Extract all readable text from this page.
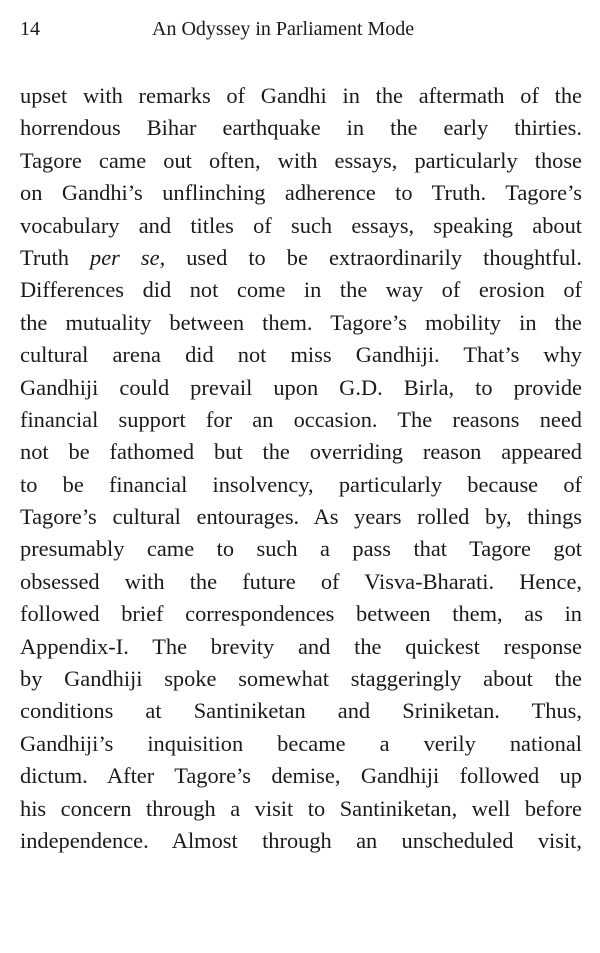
14	An Odyssey in Parliament Mode
upset with remarks of Gandhi in the aftermath of the
horrendous Bihar earthquake in the early thirties.
Tagore came out often, with essays, particularly those
on Gandhi’s unflinching adherence to Truth. Tagore’s
vocabulary and titles of such essays, speaking about
Truth per se, used to be extraordinarily thoughtful.
Differences did not come in the way of erosion of
the mutuality between them. Tagore’s mobility in the
cultural arena did not miss Gandhiji. That’s why
Gandhiji could prevail upon G.D. Birla, to provide
financial support for an occasion. The reasons need
not be fathomed but the overriding reason appeared
to be financial insolvency, particularly because of
Tagore’s cultural entourages. As years rolled by, things
presumably came to such a pass that Tagore got
obsessed with the future of Visva-Bharati. Hence,
followed brief correspondences between them, as in
Appendix-I. The brevity and the quickest response
by Gandhiji spoke somewhat staggeringly about the
conditions at Santiniketan and Sriniketan. Thus,
Gandhiji’s inquisition became a verily national
dictum. After Tagore’s demise, Gandhiji followed up
his concern through a visit to Santiniketan, well before
independence. Almost through an unscheduled visit,
